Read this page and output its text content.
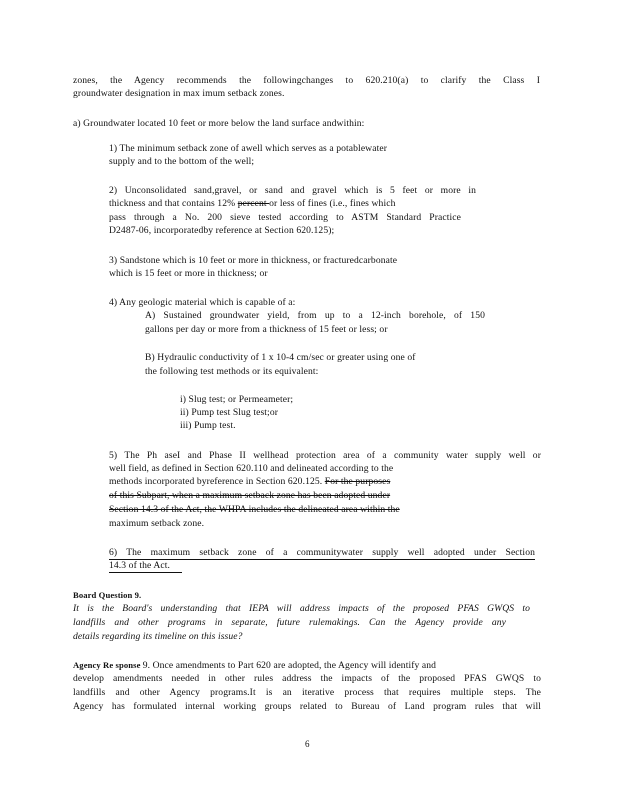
zones, the Agency recommends the followingchanges to 620.210(a) to clarify the Class I
groundwater designation in max imum setback zones.
a) Groundwater located 10 feet or more below the land surface andwithin:
1) The minimum setback zone of awell which serves as a potablewater
supply and to the bottom of the well;
2) Unconsolidated sand,gravel, or sand and gravel which is 5 feet or more in
thickness and that contains 12% percent or less of fines (i.e., fines which
pass through a No. 200 sieve tested according to ASTM Standard Practice
D2487-06, incorporatedby reference at Section 620.125);
3) Sandstone which is 10 feet or more in thickness, or fracturedcarbonate
which is 15 feet or more in thickness; or
4) Any geologic material which is capable of a:
A) Sustained groundwater yield, from up to a 12-inch borehole, of 150
gallons per day or more from a thickness of 15 feet or less; or
B) Hydraulic conductivity of 1 x 10-4 cm/sec or greater using one of
the following test methods or its equivalent:
i) Slug test; or Permeameter;
ii) Pump test Slug test;or
iii) Pump test.
5) The Ph aseI and Phase II wellhead protection area of a community water supply well or
well field, as defined in Section 620.110 and delineated according to the
methods incorporated byreference in Section 620.125. For the purposes
of this Subpart, when a maximum setback zone has been adopted under
Section 14.3 of the Act, the WHPA includes the delineated area within the
maximum setback zone.
6) The maximum setback zone of a communitywater supply well adopted under Section
14.3 of the Act.
Board Question 9.
It is the Board's understanding that IEPA will address impacts of the proposed PFAS GWQS to
landfills and other programs in separate, future rulemakings. Can the Agency provide any
details regarding its timeline on this issue?
Agency Re sponse 9. Once amendments to Part 620 are adopted, the Agency will identify and
develop amendments needed in other rules address the impacts of the proposed PFAS GWQS to
landfills and other Agency programs.It is an iterative process that requires multiple steps. The
Agency has formulated internal working groups related to Bureau of Land program rules that will
6
